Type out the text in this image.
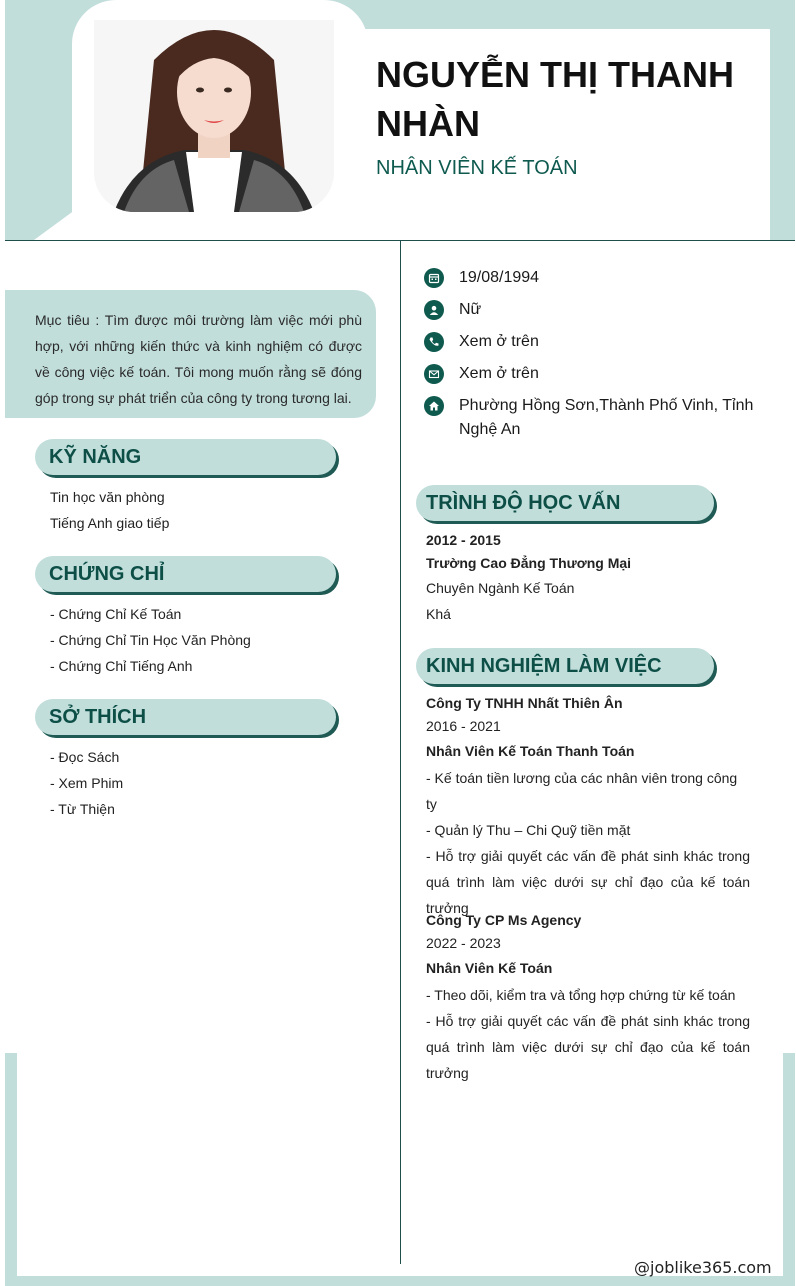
NGUYỄN THỊ THANH NHÀN
NHÂN VIÊN KẾ TOÁN
Mục tiêu : Tìm được môi trường làm việc mới phù hợp, với những kiến thức và kinh nghiệm có được về công việc kế toán. Tôi mong muốn rằng sẽ đóng góp trong sự phát triển của công ty trong tương lai.
KỸ NĂNG
Tin học văn phòng
Tiếng Anh giao tiếp
CHỨNG CHỈ
- Chứng Chỉ Kế Toán
- Chứng Chỉ Tin Học Văn Phòng
- Chứng Chỉ Tiếng Anh
SỞ THÍCH
- Đọc Sách
- Xem Phim
- Từ Thiện
19/08/1994
Nữ
Xem ở trên
Xem ở trên
Phường Hồng Sơn,Thành Phố Vinh, Tỉnh Nghệ An
TRÌNH ĐỘ HỌC VẤN
2012 - 2015
Trường Cao Đẳng Thương Mại
Chuyên Ngành Kế Toán
Khá
KINH NGHIỆM LÀM VIỆC
Công Ty TNHH Nhất Thiên Ân
2016 - 2021
Nhân Viên Kế Toán Thanh Toán
- Kế toán tiền lương của các nhân viên trong công ty
- Quản lý Thu – Chi Quỹ tiền mặt
- Hỗ trợ giải quyết các vấn đề phát sinh khác trong quá trình làm việc dưới sự chỉ đạo của kế toán trưởng
Công Ty CP Ms Agency
2022 - 2023
Nhân Viên Kế Toán
- Theo dõi, kiểm tra và tổng hợp chứng từ kế toán
- Hỗ trợ giải quyết các vấn đề phát sinh khác trong quá trình làm việc dưới sự chỉ đạo của kế toán trưởng
@joblike365.com
